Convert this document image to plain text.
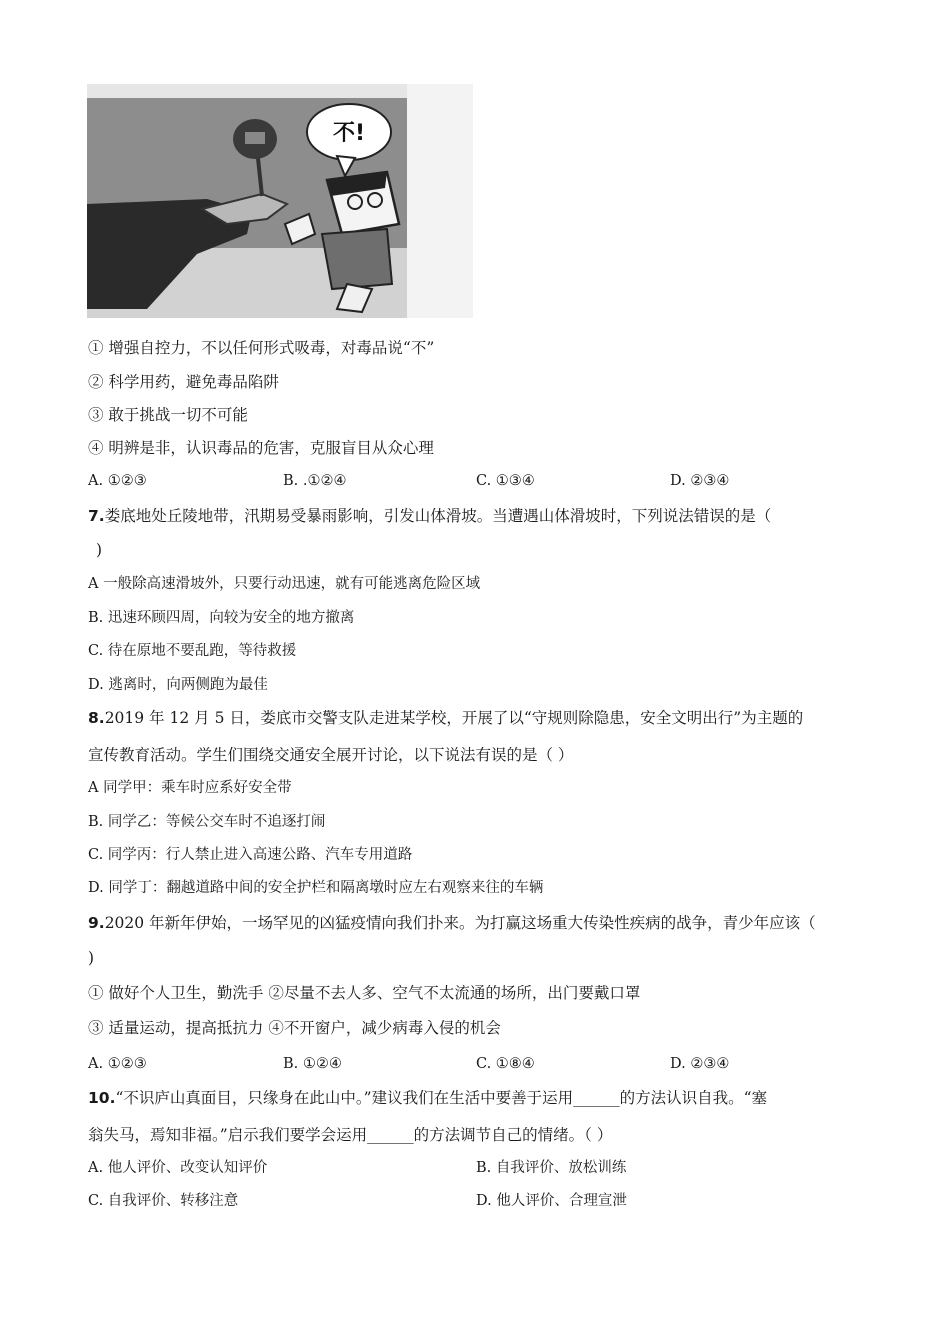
不!
① 增强自控力，不以任何形式吸毒，对毒品说“不”
② 科学用药，避免毒品陷阱
③ 敢于挑战一切不可能
④ 明辨是非，认识毒品的危害，克服盲目从众心理
A. ①②③	B. .①②④	C. ①③④	D. ②③④
7.娄底地处丘陵地带，汛期易受暴雨影响，引发山体滑坡。当遭遇山体滑坡时，下列说法错误的是（
)
A 一般除高速滑坡外，只要行动迅速，就有可能逃离危险区域
B. 迅速环顾四周，向较为安全的地方撤离
C. 待在原地不要乱跑，等待救援
D. 逃离时，向两侧跑为最佳
8.2019 年 12 月 5 日，娄底市交警支队走进某学校，开展了以“守规则除隐患，安全文明出行”为主题的
宣传教育活动。学生们围绕交通安全展开讨论，以下说法有误的是（ ）
A 同学甲：乘车时应系好安全带
B. 同学乙：等候公交车时不追逐打闹
C. 同学丙：行人禁止进入高速公路、汽车专用道路
D. 同学丁：翻越道路中间的安全护栏和隔离墩时应左右观察来往的车辆
9.2020 年新年伊始，一场罕见的凶猛疫情向我们扑来。为打赢这场重大传染性疾病的战争，青少年应该（
)
① 做好个人卫生，勤洗手 ②尽量不去人多、空气不太流通的场所，出门要戴口罩
③ 适量运动，提高抵抗力 ④不开窗户，减少病毒入侵的机会
A. ①②③	B. ①②④	C. ①⑧④	D. ②③④
10.“不识庐山真面目，只缘身在此山中。”建议我们在生活中要善于运用______的方法认识自我。“塞
翁失马，焉知非福。”启示我们要学会运用______的方法调节自己的情绪。（ ）
A. 他人评价、改变认知评价	B. 自我评价、放松训练
C. 自我评价、转移注意	D. 他人评价、合理宣泄
